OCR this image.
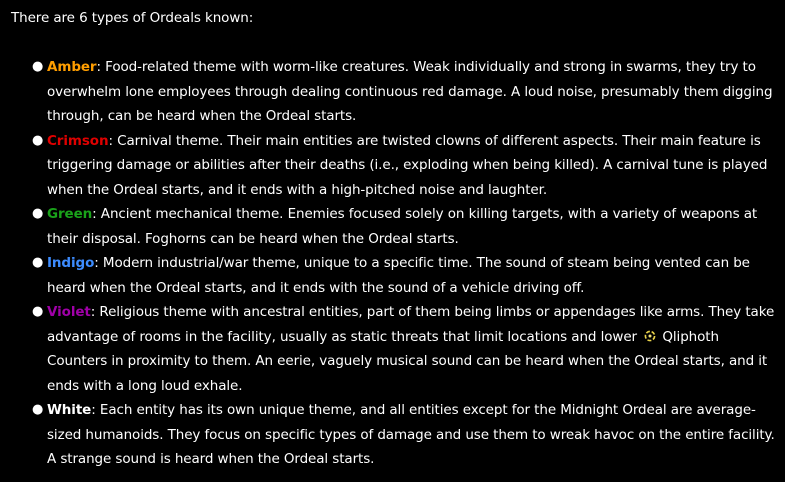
There are 6 types of Ordeals known:

● Amber: Food-related theme with worm-like creatures. Weak individually and strong in swarms, they try to overwhelm lone employees through dealing continuous red damage. A loud noise, presumably them digging through, can be heard when the Ordeal starts.
● Crimson: Carnival theme. Their main entities are twisted clowns of different aspects. Their main feature is triggering damage or abilities after their deaths (i.e., exploding when being killed). A carnival tune is played when the Ordeal starts, and it ends with a high-pitched noise and laughter.
● Green: Ancient mechanical theme. Enemies focused solely on killing targets, with a variety of weapons at their disposal. Foghorns can be heard when the Ordeal starts.
● Indigo: Modern industrial/war theme, unique to a specific time. The sound of steam being vented can be heard when the Ordeal starts, and it ends with the sound of a vehicle driving off.
● Violet: Religious theme with ancestral entities, part of them being limbs or appendages like arms. They take advantage of rooms in the facility, usually as static threats that limit locations and lower  Qliphoth Counters in proximity to them. An eerie, vaguely musical sound can be heard when the Ordeal starts, and it ends with a long loud exhale.
● White: Each entity has its own unique theme, and all entities except for the Midnight Ordeal are average-sized humanoids. They focus on specific types of damage and use them to wreak havoc on the entire facility. A strange sound is heard when the Ordeal starts.
